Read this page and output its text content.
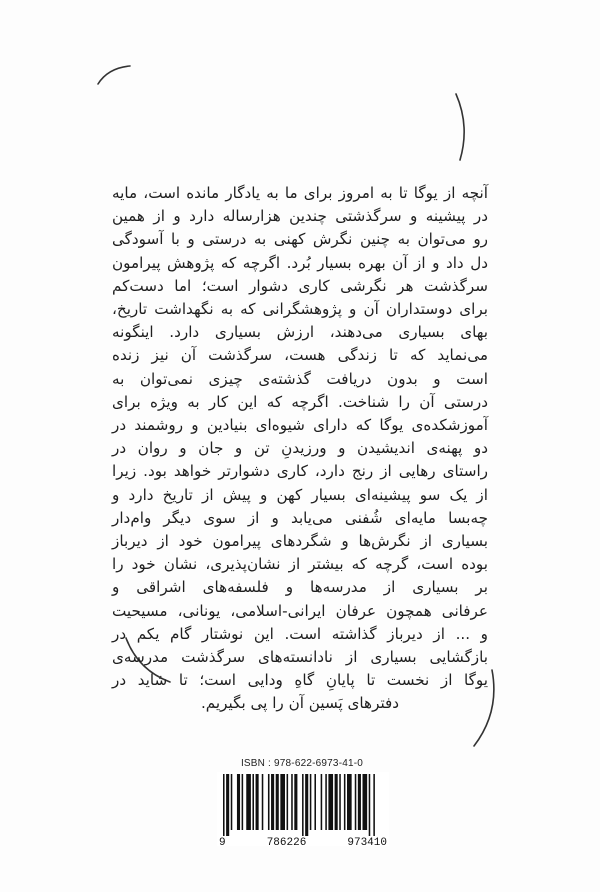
آنچه از یوگا تا به امروز برای ما به یادگار مانده است، مایه
در پیشینه و سرگذشتی چندین هزارساله دارد و از همین
رو می‌توان به چنین نگرش کهنی به درستی و با آسودگی
دل داد و از آن بهره بسیار بُرد. اگرچه که پژوهش پیرامون
سرگذشت هر نگرشی کاری دشوار است؛ اما دست‌کم
برای دوستداران آن و پژوهشگرانی که به نگهداشت تاریخ،
بهای بسیاری می‌دهند، ارزش بسیاری دارد. اینگونه
می‌نماید که تا زندگی هست، سرگذشت آن نیز زنده
است و بدون دریافت گذشته‌ی چیزی نمی‌توان به
درستی آن را شناخت. اگرچه که این کار به ویژه برای
آموزشکده‌ی یوگا که دارای شیوه‌ای بنیادین و روشمند در
دو پهنه‌ی اندیشیدن و ورزیدنِ تن و جان و روان در
راستای رهایی از رنج دارد، کاری دشوارتر خواهد بود. زیرا
از یک سو پیشینه‌ای بسیار کهن و پیش از تاریخ دارد و
چه‌بسا مایه‌ای شُفنی می‌یابد و از سوی دیگر وام‌دار
بسیاری از نگرش‌ها و شگردهای پیرامون خود از دیرباز
بوده است، گرچه که بیشتر از نشان‌پذیری، نشان خود را
بر بسیاری از مدرسه‌ها و فلسفه‌های اشراقی و
عرفانی همچون عرفان ایرانی-اسلامی، یونانی، مسیحیت
و ... از دیرباز گذاشته است. این نوشتار گام یکم در
بازگشایی بسیاری از نادانسته‌های سرگذشت مدرسه‌ی
یوگا از نخست تا پایانِ گاهِ ودایی است؛ تا شاید در
دفترهای پَسین آن را پی بگیریم.
ISBN : 978-622-6973-41-0
9	786226	973410
